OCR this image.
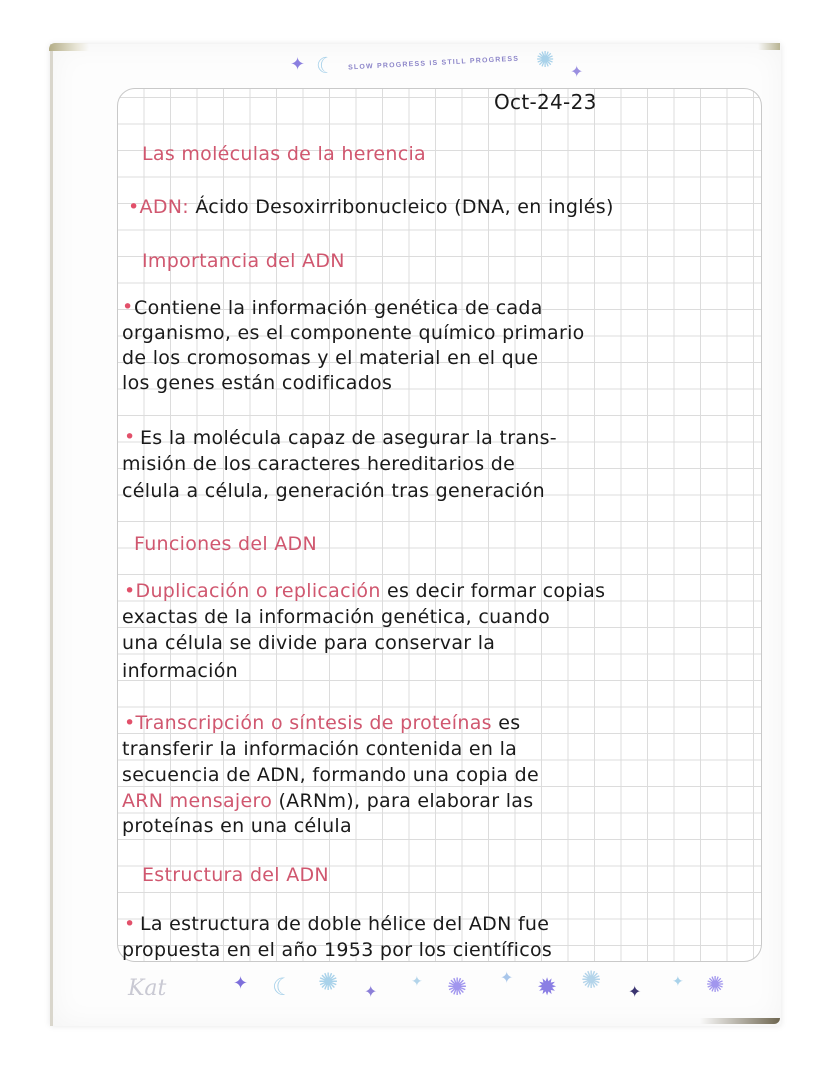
✦ ☾ SLOW PROGRESS IS STILL PROGRESS ✺ ✦
Oct-24-23
Las moléculas de la herencia
•ADN: Ácido Desoxirribonucleico (DNA, en inglés)
Importancia del ADN
• Contiene la información genética de cada
organismo, es el componente químico primario
de los cromosomas y el material en el que
los genes están codificados
• Es la molécula capaz de asegurar la trans-
misión de los caracteres hereditarios de
célula a célula, generación tras generación
Funciones del ADN
•Duplicación o replicación es decir formar copias
exactas de la información genética, cuando
una célula se divide para conservar la
información
•Transcripción o síntesis de proteínas es
transferir la información contenida en la
secuencia de ADN, formando una copia de
ARN mensajero (ARNm), para elaborar las
proteínas en una célula
Estructura del ADN
• La estructura de doble hélice del ADN fue
propuesta en el año 1953 por los científicos
Kat	✦ ☾ ✺ ✦ ✦ ✺ ✦ ✹ ✺ ✦ ✦ ✺
